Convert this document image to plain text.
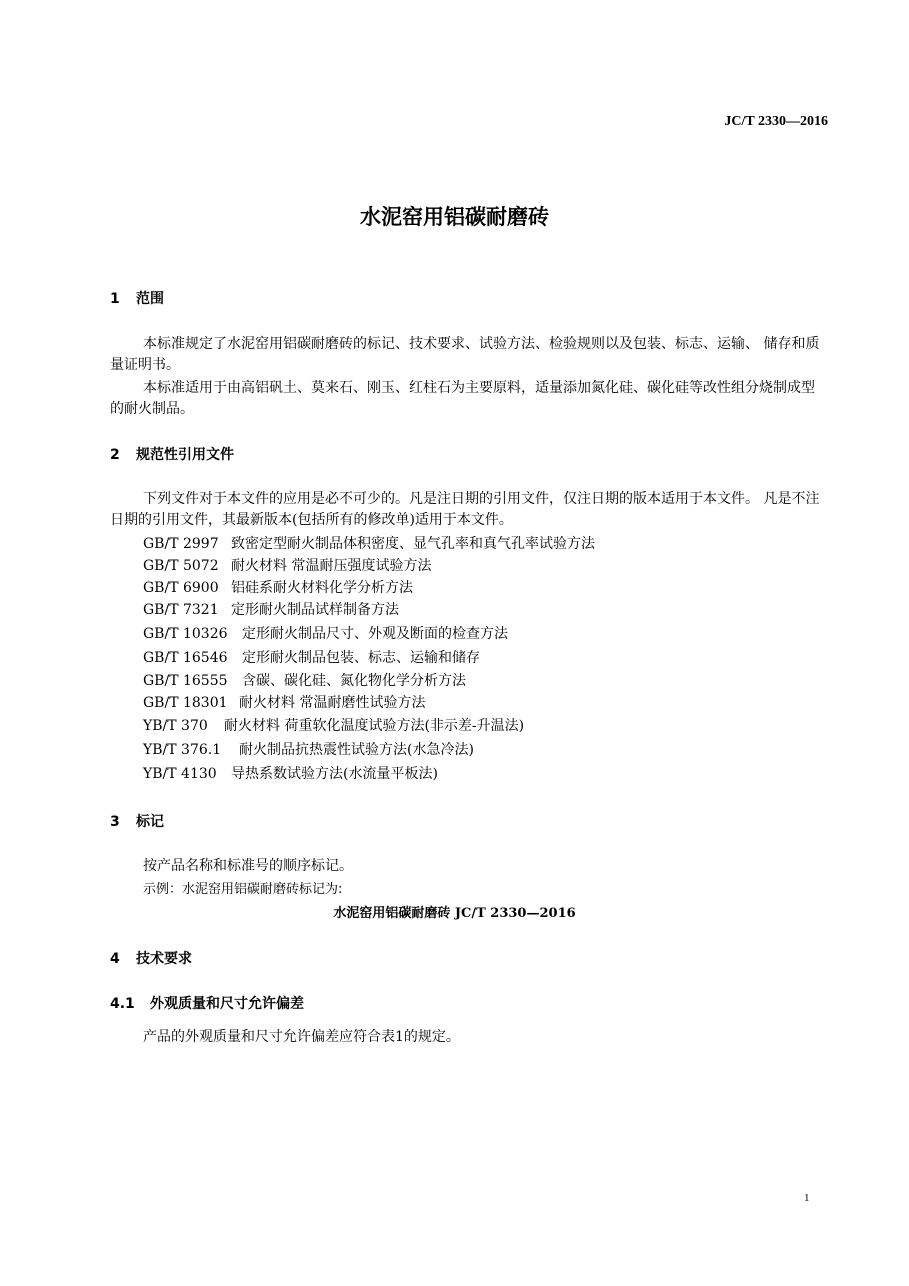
JC/T 2330—2016
水泥窑用铝碳耐磨砖
1 范围
本标准规定了水泥窑用铝碳耐磨砖的标记、技术要求、试验方法、检验规则以及包装、标志、运输、 储存和质量证明书。
本标准适用于由高铝矾土、莫来石、刚玉、红柱石为主要原料，适量添加氮化硅、碳化硅等改性组分烧制成型的耐火制品。
2 规范性引用文件
下列文件对于本文件的应用是必不可少的。凡是注日期的引用文件，仅注日期的版本适用于本文件。 凡是不注日期的引用文件，其最新版本(包括所有的修改单)适用于本文件。
GB/T 2997 致密定型耐火制品体积密度、显气孔率和真气孔率试验方法
GB/T 5072 耐火材料 常温耐压强度试验方法
GB/T 6900 铝硅系耐火材料化学分析方法
GB/T 7321 定形耐火制品试样制备方法
GB/T 10326 定形耐火制品尺寸、外观及断面的检查方法
GB/T 16546 定形耐火制品包装、标志、运输和储存
GB/T 16555 含碳、碳化硅、氮化物化学分析方法
GB/T 18301 耐火材料 常温耐磨性试验方法
YB/T 370 耐火材料 荷重软化温度试验方法(非示差-升温法)
YB/T 376.1 耐火制品抗热震性试验方法(水急冷法)
YB/T 4130 导热系数试验方法(水流量平板法)
3 标记
按产品名称和标准号的顺序标记。
示例：水泥窑用铝碳耐磨砖标记为:
水泥窑用铝碳耐磨砖 JC/T 2330—2016
4 技术要求
4.1 外观质量和尺寸允许偏差
产品的外观质量和尺寸允许偏差应符合表1的规定。
1
